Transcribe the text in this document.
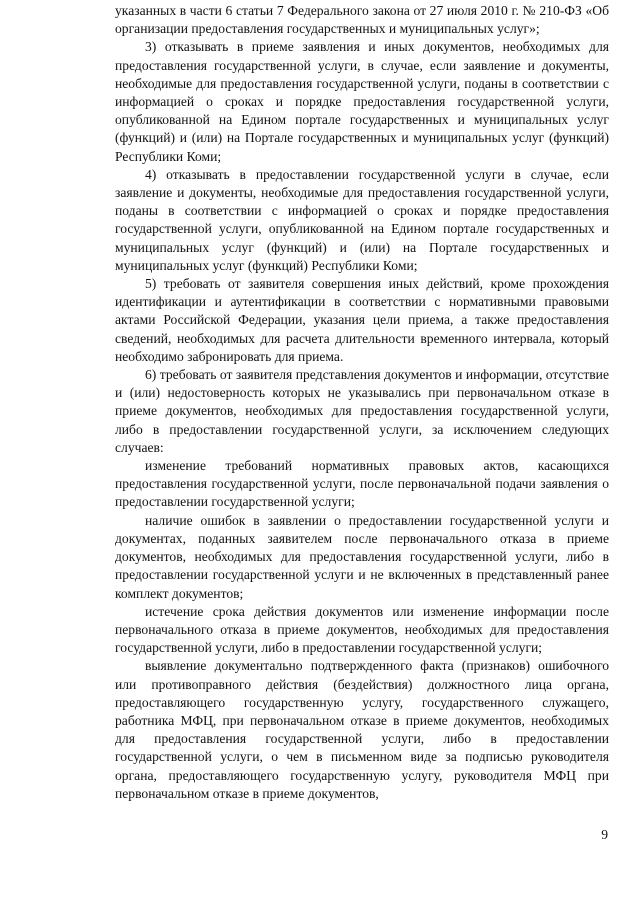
указанных в части 6 статьи 7 Федерального закона от 27 июля 2010 г. № 210-ФЗ «Об организации предоставления государственных и муниципальных услуг»;

3) отказывать в приеме заявления и иных документов, необходимых для предоставления государственной услуги, в случае, если заявление и документы, необходимые для предоставления государственной услуги, поданы в соответствии с информацией о сроках и порядке предоставления государственной услуги, опубликованной на Едином портале государственных и муниципальных услуг (функций) и (или) на Портале государственных и муниципальных услуг (функций) Республики Коми;

4) отказывать в предоставлении государственной услуги в случае, если заявление и документы, необходимые для предоставления государственной услуги, поданы в соответствии с информацией о сроках и порядке предоставления государственной услуги, опубликованной на Едином портале государственных и муниципальных услуг (функций) и (или) на Портале государственных и муниципальных услуг (функций) Республики Коми;

5) требовать от заявителя совершения иных действий, кроме прохождения идентификации и аутентификации в соответствии с нормативными правовыми актами Российской Федерации, указания цели приема, а также предоставления сведений, необходимых для расчета длительности временного интервала, который необходимо забронировать для приема.

6) требовать от заявителя представления документов и информации, отсутствие и (или) недостоверность которых не указывались при первоначальном отказе в приеме документов, необходимых для предоставления государственной услуги, либо в предоставлении государственной услуги, за исключением следующих случаев:

изменение требований нормативных правовых актов, касающихся предоставления государственной услуги, после первоначальной подачи заявления о предоставлении государственной услуги;

наличие ошибок в заявлении о предоставлении государственной услуги и документах, поданных заявителем после первоначального отказа в приеме документов, необходимых для предоставления государственной услуги, либо в предоставлении государственной услуги и не включенных в представленный ранее комплект документов;

истечение срока действия документов или изменение информации после первоначального отказа в приеме документов, необходимых для предоставления государственной услуги, либо в предоставлении государственной услуги;

выявление документально подтвержденного факта (признаков) ошибочного или противоправного действия (бездействия) должностного лица органа, предоставляющего государственную услугу, государственного служащего, работника МФЦ, при первоначальном отказе в приеме документов, необходимых для предоставления государственной услуги, либо в предоставлении государственной услуги, о чем в письменном виде за подписью руководителя органа, предоставляющего государственную услугу, руководителя МФЦ при первоначальном отказе в приеме документов,

9
